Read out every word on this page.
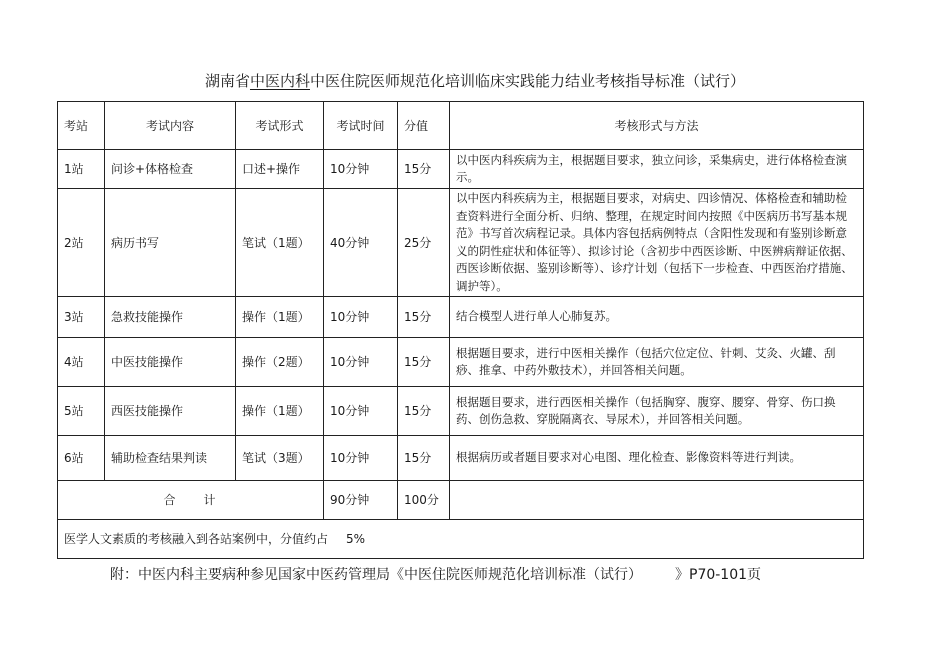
湖南省中医内科中医住院医师规范化培训临床实践能力结业考核指导标准（试行）
考站	考试内容	考试形式	考试时间	分值	考核形式与方法
1站	问诊+体格检查	口述+操作	10分钟	15分	以中医内科疾病为主，根据题目要求，独立问诊，采集病史，进行体格检查演示。
2站	病历书写	笔试（1题）	40分钟	25分	以中医内科疾病为主，根据题目要求，对病史、四诊情况、体格检查和辅助检查资料进行全面分析、归纳、整理，在规定时间内按照《中医病历书写基本规范》书写首次病程记录。具体内容包括病例特点（含阳性发现和有鉴别诊断意义的阴性症状和体征等）、拟诊讨论（含初步中西医诊断、中医辨病辩证依据、西医诊断依据、鉴别诊断等）、诊疗计划（包括下一步检查、中西医治疗措施、调护等）。
3站	急救技能操作	操作（1题）	10分钟	15分	结合模型人进行单人心肺复苏。
4站	中医技能操作	操作（2题）	10分钟	15分	根据题目要求，进行中医相关操作（包括穴位定位、针刺、艾灸、火罐、刮痧、推拿、中药外敷技术），并回答相关问题。
5站	西医技能操作	操作（1题）	10分钟	15分	根据题目要求，进行西医相关操作（包括胸穿、腹穿、腰穿、骨穿、伤口换药、创伤急救、穿脱隔离衣、导尿术），并回答相关问题。
6站	辅助检查结果判读	笔试（3题）	10分钟	15分	根据病历或者题目要求对心电图、理化检查、影像资料等进行判读。
合 计			90分钟	100分	
医学人文素质的考核融入到各站案例中，分值约占 5%					
附：中医内科主要病种参见国家中医药管理局《中医住院医师规范化培训标准（试行）	》P70-101页
